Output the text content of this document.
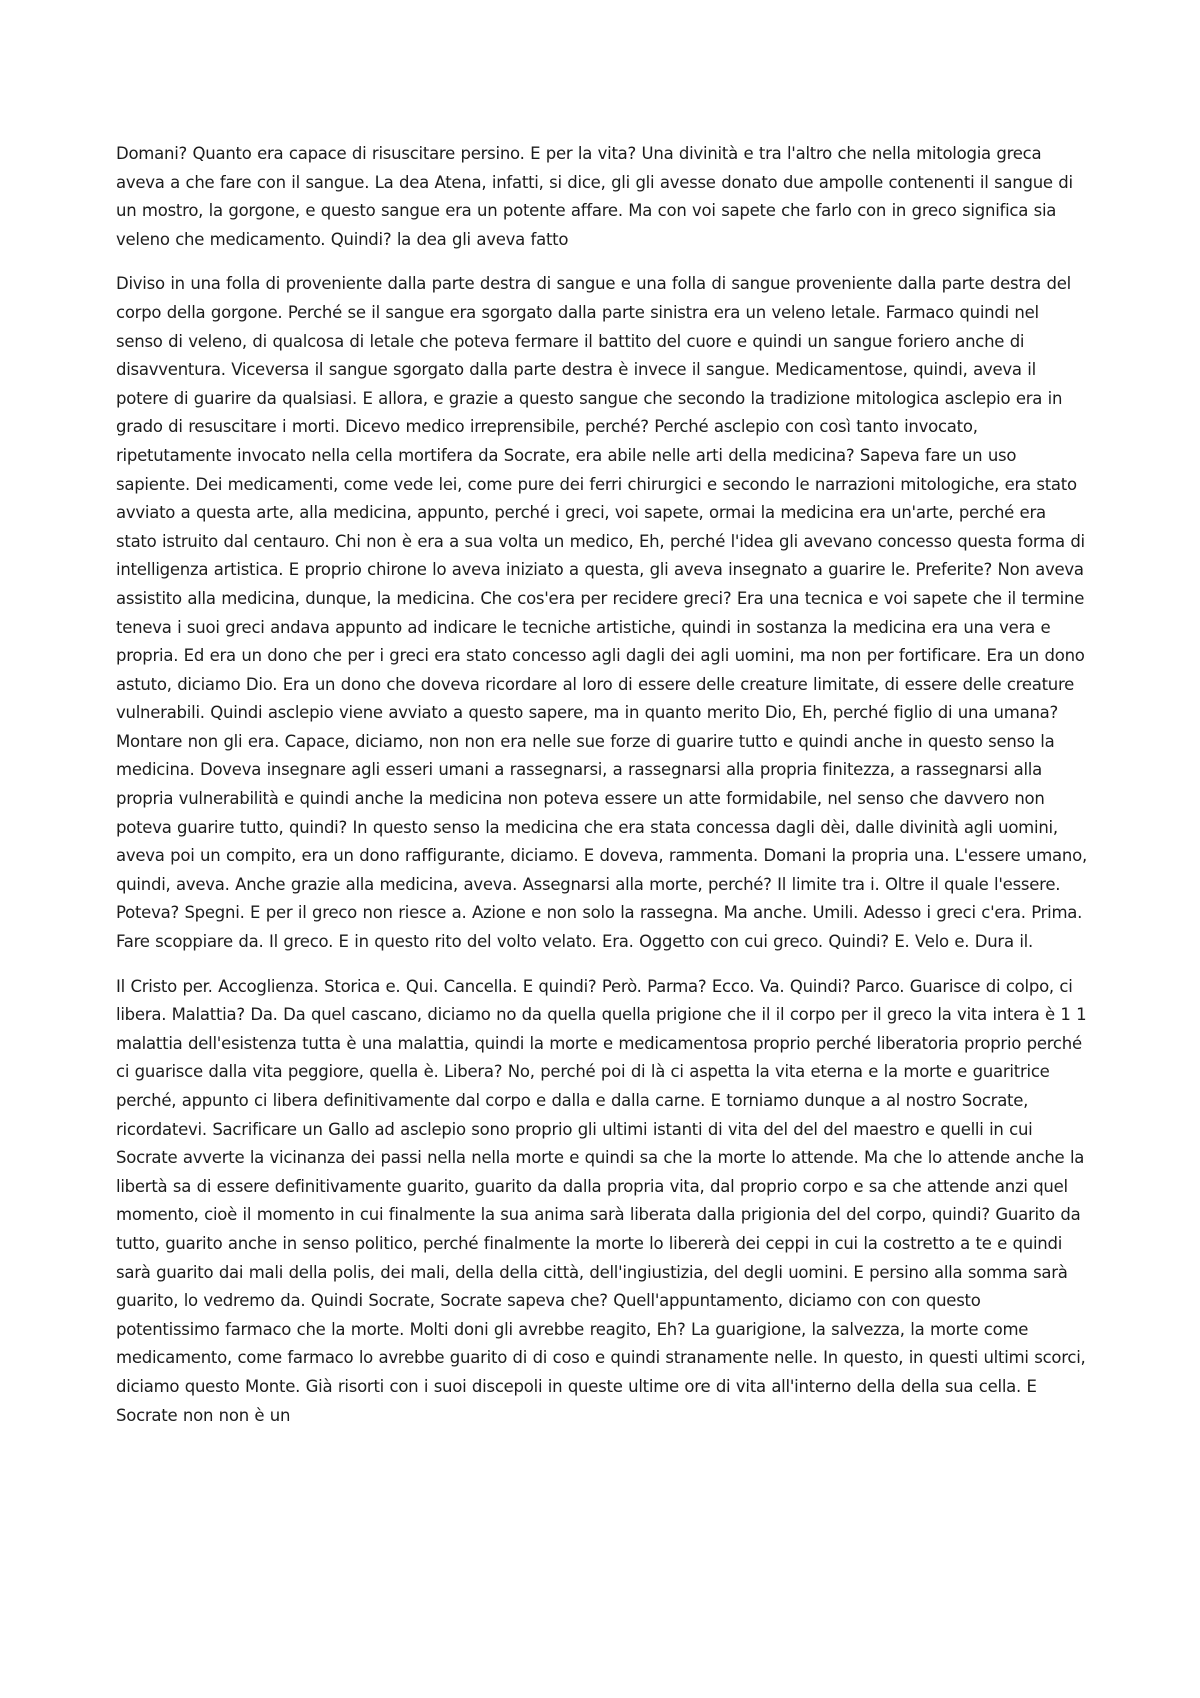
Domani? Quanto era capace di risuscitare persino. E per la vita? Una divinità e tra l'altro che nella mitologia greca aveva a che fare con il sangue. La dea Atena, infatti, si dice, gli gli avesse donato due ampolle contenenti il sangue di un mostro, la gorgone, e questo sangue era un potente affare. Ma con voi sapete che farlo con in greco significa sia veleno che medicamento. Quindi? la dea gli aveva fatto

Diviso in una folla di proveniente dalla parte destra di sangue e una folla di sangue proveniente dalla parte destra del corpo della gorgone. Perché se il sangue era sgorgato dalla parte sinistra era un veleno letale. Farmaco quindi nel senso di veleno, di qualcosa di letale che poteva fermare il battito del cuore e quindi un sangue foriero anche di disavventura. Viceversa il sangue sgorgato dalla parte destra è invece il sangue. Medicamentose, quindi, aveva il potere di guarire da qualsiasi. E allora, e grazie a questo sangue che secondo la tradizione mitologica asclepio era in grado di resuscitare i morti. Dicevo medico irreprensibile, perché? Perché asclepio con così tanto invocato, ripetutamente invocato nella cella mortifera da Socrate, era abile nelle arti della medicina? Sapeva fare un uso sapiente. Dei medicamenti, come vede lei, come pure dei ferri chirurgici e secondo le narrazioni mitologiche, era stato avviato a questa arte, alla medicina, appunto, perché i greci, voi sapete, ormai la medicina era un'arte, perché era stato istruito dal centauro. Chi non è era a sua volta un medico, Eh, perché l'idea gli avevano concesso questa forma di intelligenza artistica. E proprio chirone lo aveva iniziato a questa, gli aveva insegnato a guarire le. Preferite? Non aveva assistito alla medicina, dunque, la medicina. Che cos'era per recidere greci? Era una tecnica e voi sapete che il termine teneva i suoi greci andava appunto ad indicare le tecniche artistiche, quindi in sostanza la medicina era una vera e propria. Ed era un dono che per i greci era stato concesso agli dagli dei agli uomini, ma non per fortificare. Era un dono astuto, diciamo Dio. Era un dono che doveva ricordare al loro di essere delle creature limitate, di essere delle creature vulnerabili. Quindi asclepio viene avviato a questo sapere, ma in quanto merito Dio, Eh, perché figlio di una umana? Montare non gli era. Capace, diciamo, non non era nelle sue forze di guarire tutto e quindi anche in questo senso la medicina. Doveva insegnare agli esseri umani a rassegnarsi, a rassegnarsi alla propria finitezza, a rassegnarsi alla propria vulnerabilità e quindi anche la medicina non poteva essere un atte formidabile, nel senso che davvero non poteva guarire tutto, quindi? In questo senso la medicina che era stata concessa dagli dèi, dalle divinità agli uomini, aveva poi un compito, era un dono raffigurante, diciamo. E doveva, rammenta. Domani la propria una. L'essere umano, quindi, aveva. Anche grazie alla medicina, aveva. Assegnarsi alla morte, perché? Il limite tra i. Oltre il quale l'essere. Poteva? Spegni. E per il greco non riesce a. Azione e non solo la rassegna. Ma anche. Umili. Adesso i greci c'era. Prima. Fare scoppiare da. Il greco. E in questo rito del volto velato. Era. Oggetto con cui greco. Quindi? E. Velo e. Dura il.

Il Cristo per. Accoglienza. Storica e. Qui. Cancella. E quindi? Però. Parma? Ecco. Va. Quindi? Parco. Guarisce di colpo, ci libera. Malattia? Da. Da quel cascano, diciamo no da quella quella prigione che il il corpo per il greco la vita intera è 1 1 malattia dell'esistenza tutta è una malattia, quindi la morte e medicamentosa proprio perché liberatoria proprio perché ci guarisce dalla vita peggiore, quella è. Libera? No, perché poi di là ci aspetta la vita eterna e la morte e guaritrice perché, appunto ci libera definitivamente dal corpo e dalla e dalla carne. E torniamo dunque a al nostro Socrate, ricordatevi. Sacrificare un Gallo ad asclepio sono proprio gli ultimi istanti di vita del del del maestro e quelli in cui Socrate avverte la vicinanza dei passi nella nella morte e quindi sa che la morte lo attende. Ma che lo attende anche la libertà sa di essere definitivamente guarito, guarito da dalla propria vita, dal proprio corpo e sa che attende anzi quel momento, cioè il momento in cui finalmente la sua anima sarà liberata dalla prigionia del del corpo, quindi? Guarito da tutto, guarito anche in senso politico, perché finalmente la morte lo libererà dei ceppi in cui la costretto a te e quindi sarà guarito dai mali della polis, dei mali, della della città, dell'ingiustizia, del degli uomini. E persino alla somma sarà guarito, lo vedremo da. Quindi Socrate, Socrate sapeva che? Quell'appuntamento, diciamo con con questo potentissimo farmaco che la morte. Molti doni gli avrebbe reagito, Eh? La guarigione, la salvezza, la morte come medicamento, come farmaco lo avrebbe guarito di di coso e quindi stranamente nelle. In questo, in questi ultimi scorci, diciamo questo Monte. Già risorti con i suoi discepoli in queste ultime ore di vita all'interno della della sua cella. E Socrate non non è un
